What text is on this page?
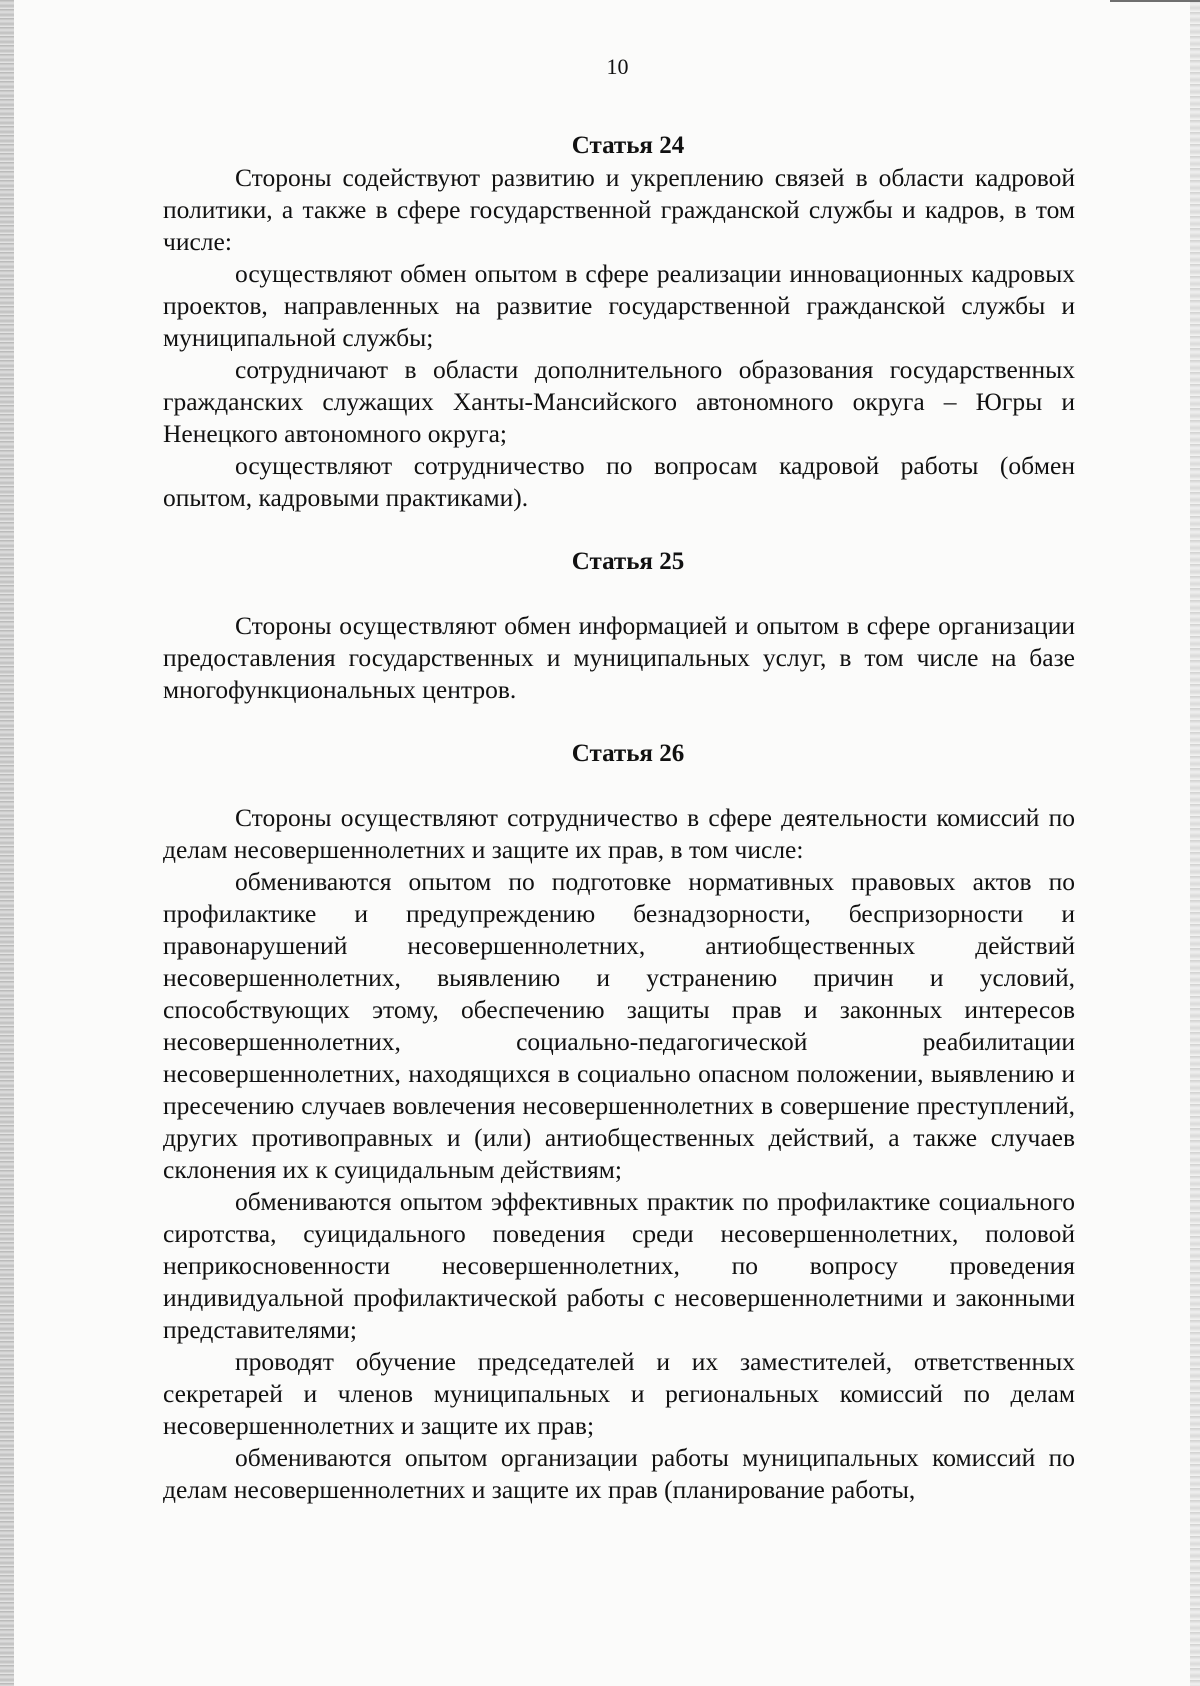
10
Статья 24

Стороны содействуют развитию и укреплению связей в области кадровой политики, а также в сфере государственной гражданской службы и кадров, в том числе:

осуществляют обмен опытом в сфере реализации инновационных кадровых проектов, направленных на развитие государственной гражданской службы и муниципальной службы;

сотрудничают в области дополнительного образования государственных гражданских служащих Ханты-Мансийского автономного округа – Югры и Ненецкого автономного округа;

осуществляют сотрудничество по вопросам кадровой работы (обмен опытом, кадровыми практиками).

Статья 25

Стороны осуществляют обмен информацией и опытом в сфере организации предоставления государственных и муниципальных услуг, в том числе на базе многофункциональных центров.

Статья 26

Стороны осуществляют сотрудничество в сфере деятельности комиссий по делам несовершеннолетних и защите их прав, в том числе:

обмениваются опытом по подготовке нормативных правовых актов по профилактике и предупреждению безнадзорности, беспризорности и правонарушений несовершеннолетних, антиобщественных действий несовершеннолетних, выявлению и устранению причин и условий, способствующих этому, обеспечению защиты прав и законных интересов несовершеннолетних, социально-педагогической реабилитации несовершеннолетних, находящихся в социально опасном положении, выявлению и пресечению случаев вовлечения несовершеннолетних в совершение преступлений, других противоправных и (или) антиобщественных действий, а также случаев склонения их к суицидальным действиям;

обмениваются опытом эффективных практик по профилактике социального сиротства, суицидального поведения среди несовершеннолетних, половой неприкосновенности несовершеннолетних, по вопросу проведения индивидуальной профилактической работы с несовершеннолетними и законными представителями;

проводят обучение председателей и их заместителей, ответственных секретарей и членов муниципальных и региональных комиссий по делам несовершеннолетних и защите их прав;

обмениваются опытом организации работы муниципальных комиссий по делам несовершеннолетних и защите их прав (планирование работы,
